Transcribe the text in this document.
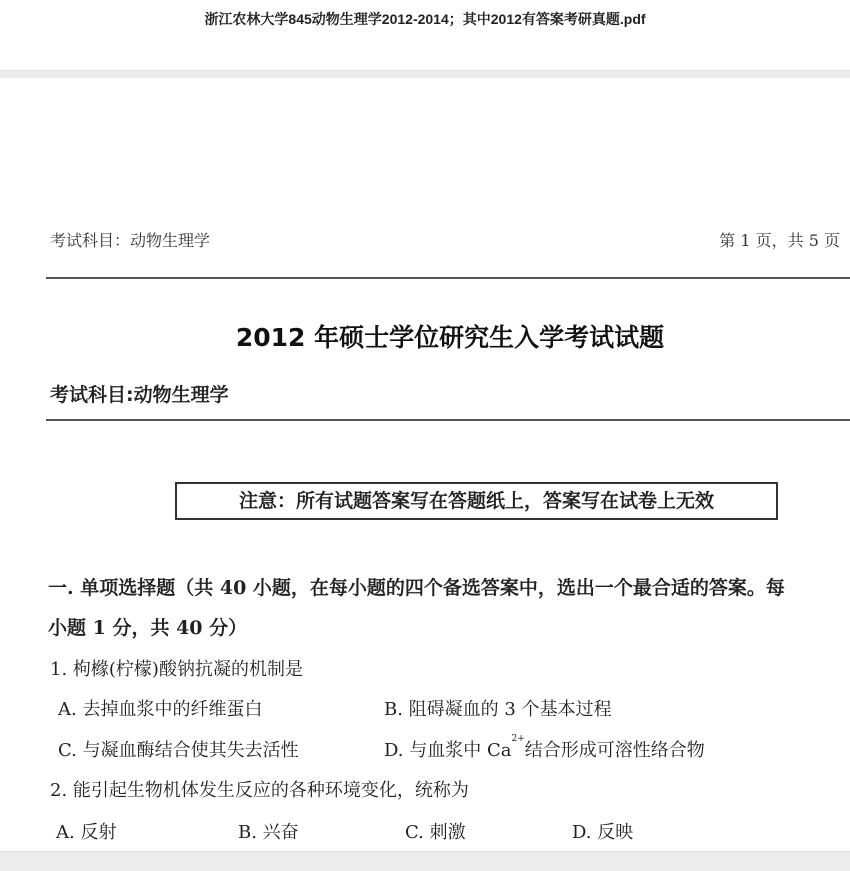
浙江农林大学845动物生理学2012-2014；其中2012有答案考研真题.pdf
考试科目：动物生理学	第 1 页，共 5 页
2012 年硕士学位研究生入学考试试题
考试科目:动物生理学
注意：所有试题答案写在答题纸上，答案写在试卷上无效
一. 单项选择题（共 40 小题，在每小题的四个备选答案中，选出一个最合适的答案。每
小题 1 分，共 40 分）
1. 枸橼(柠檬)酸钠抗凝的机制是
A. 去掉血浆中的纤维蛋白	B. 阻碍凝血的 3 个基本过程
C. 与凝血酶结合使其失去活性	D. 与血浆中 $Ca^{2+}$结合形成可溶性络合物
2. 能引起生物机体发生反应的各种环境变化，统称为
A. 反射	B. 兴奋	C. 刺激	D. 反映
